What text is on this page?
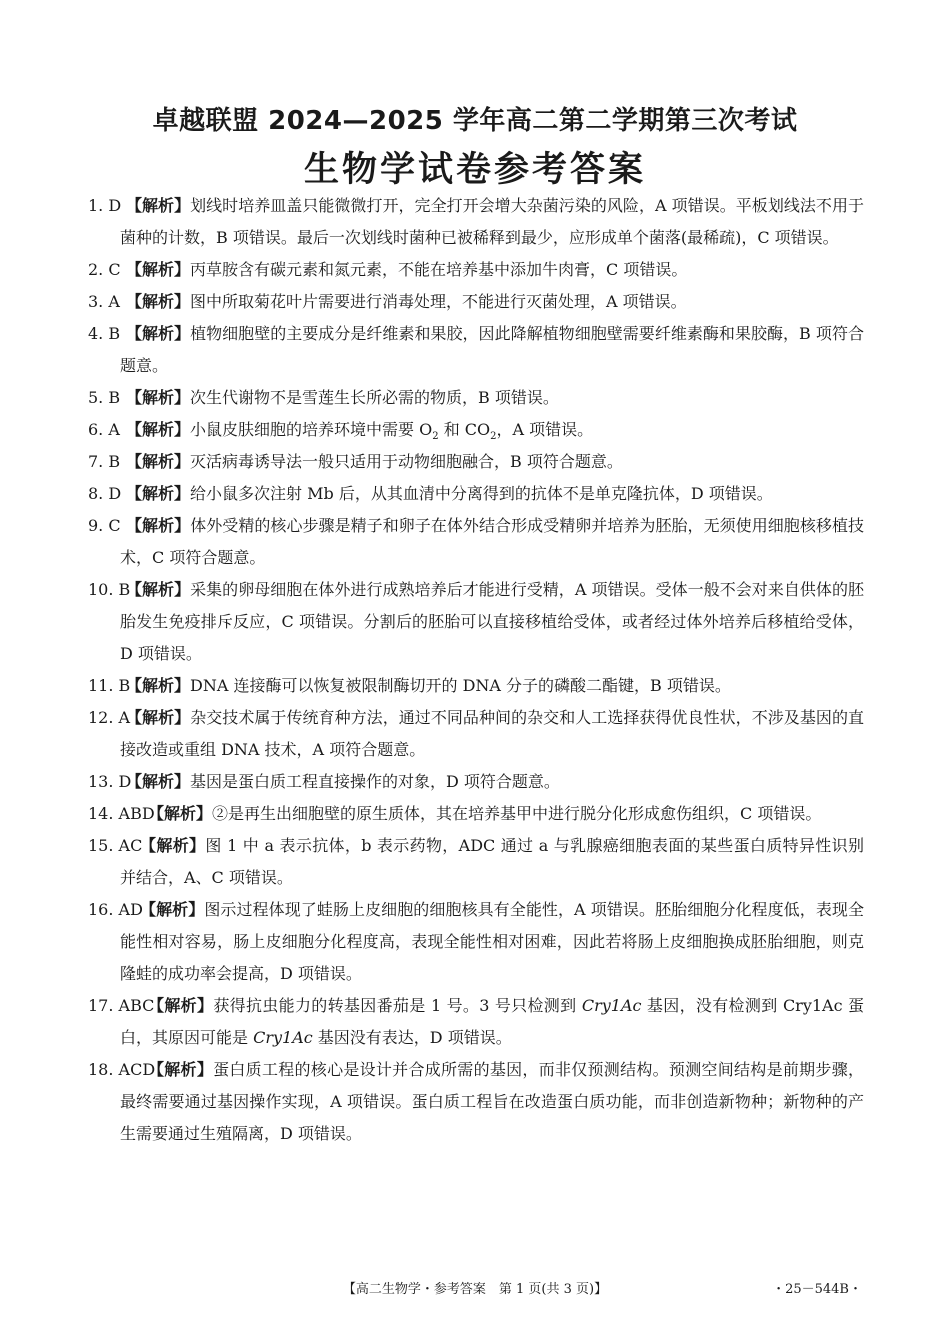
卓越联盟 2024—2025 学年高二第二学期第三次考试
生物学试卷参考答案
1. D 【解析】划线时培养皿盖只能微微打开，完全打开会增大杂菌污染的风险，A 项错误。平板划线法不用于菌种的计数，B 项错误。最后一次划线时菌种已被稀释到最少，应形成单个菌落(最稀疏)，C 项错误。
2. C 【解析】丙草胺含有碳元素和氮元素，不能在培养基中添加牛肉膏，C 项错误。
3. A 【解析】图中所取菊花叶片需要进行消毒处理，不能进行灭菌处理，A 项错误。
4. B 【解析】植物细胞壁的主要成分是纤维素和果胶，因此降解植物细胞壁需要纤维素酶和果胶酶，B 项符合题意。
5. B 【解析】次生代谢物不是雪莲生长所必需的物质，B 项错误。
6. A 【解析】小鼠皮肤细胞的培养环境中需要 $O_2$ 和 $CO_2$，A 项错误。
7. B 【解析】灭活病毒诱导法一般只适用于动物细胞融合，B 项符合题意。
8. D 【解析】给小鼠多次注射 Mb 后，从其血清中分离得到的抗体不是单克隆抗体，D 项错误。
9. C 【解析】体外受精的核心步骤是精子和卵子在体外结合形成受精卵并培养为胚胎，无须使用细胞核移植技术，C 项符合题意。
10. B
【解析】采集的卵母细胞在体外进行成熟培养后才能进行受精，A 项错误。受体一般不会对来自供体的胚胎发生免疫排斥反应，C 项错误。分割后的胚胎可以直接移植给受体，或者经过体外培养后移植给受体，D 项错误。
11. B
【解析】DNA 连接酶可以恢复被限制酶切开的 DNA 分子的磷酸二酯键，B 项错误。
12. A
【解析】杂交技术属于传统育种方法，通过不同品种间的杂交和人工选择获得优良性状，不涉及基因的直接改造或重组 DNA 技术，A 项符合题意。
13. D
【解析】基因是蛋白质工程直接操作的对象，D 项符合题意。
14. ABD
【解析】②是再生出细胞壁的原生质体，其在培养基甲中进行脱分化形成愈伤组织，C 项错误。
15. AC
【解析】图 1 中 a 表示抗体，b 表示药物，ADC 通过 a 与乳腺癌细胞表面的某些蛋白质特异性识别并结合，A、C 项错误。
16. AD
【解析】图示过程体现了蛙肠上皮细胞的细胞核具有全能性，A 项错误。胚胎细胞分化程度低，表现全能性相对容易，肠上皮细胞分化程度高，表现全能性相对困难，因此若将肠上皮细胞换成胚胎细胞，则克隆蛙的成功率会提高，D 项错误。
17. ABC
【解析】获得抗虫能力的转基因番茄是 1 号。3 号只检测到 Cry1Ac 基因，没有检测到 Cry1Ac 蛋白，其原因可能是 Cry1Ac 基因没有表达，D 项错误。
18. ACD
【解析】蛋白质工程的核心是设计并合成所需的基因，而非仅预测结构。预测空间结构是前期步骤，最终需要通过基因操作实现，A 项错误。蛋白质工程旨在改造蛋白质功能，而非创造新物种；新物种的产生需要通过生殖隔离，D 项错误。
【高二生物学・参考答案　第 1 页(共 3 页)】	・25－544B・
